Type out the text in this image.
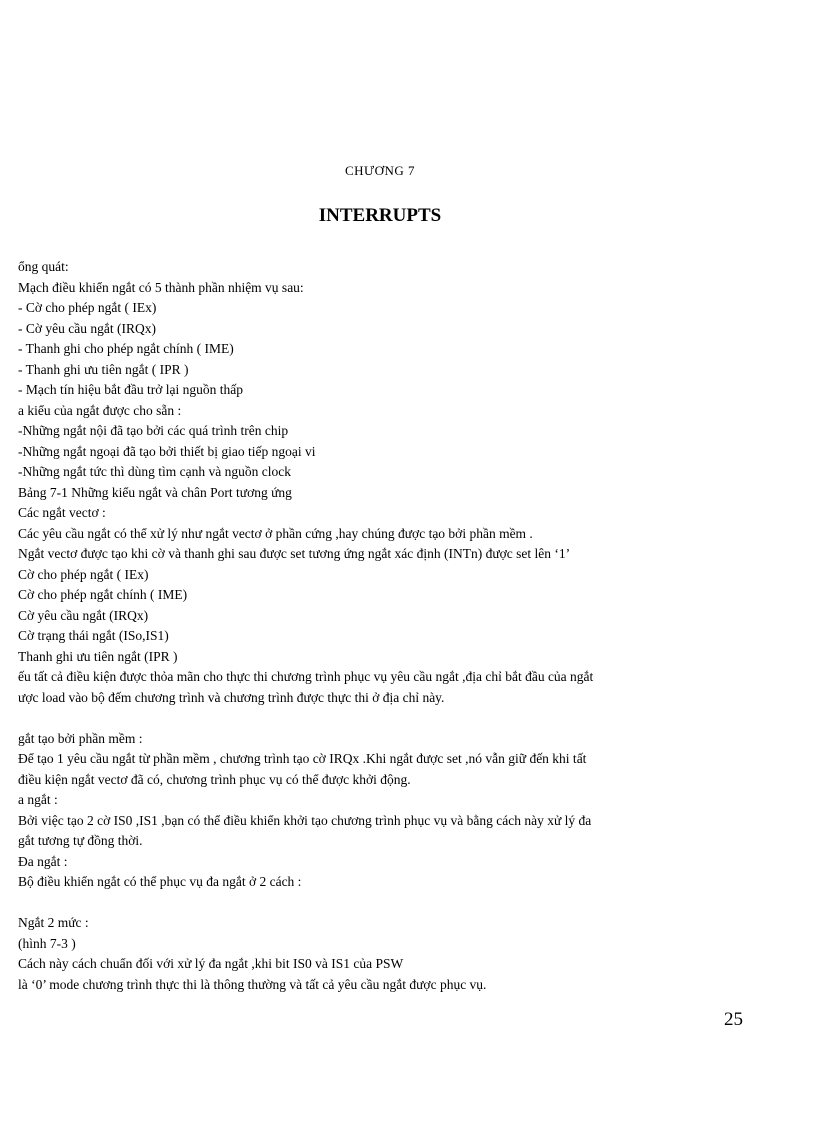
CHƯƠNG 7
INTERRUPTS
ổng quát:
Mạch điều khiển ngắt có 5 thành phần nhiệm vụ sau:
- Cờ cho phép ngắt ( IEx)
- Cờ yêu cầu ngắt (IRQx)
- Thanh ghi cho phép ngắt chính ( IME)
- Thanh ghi ưu tiên ngắt ( IPR )
- Mạch tín hiệu bắt đầu trở lại nguồn thấp
a kiểu của ngắt được cho sẵn :
-Những ngắt nội đã tạo bởi các quá trình trên chip
-Những ngắt ngoại đã tạo bởi thiết bị giao tiếp ngoại vi
-Những ngắt tức thì dùng tìm cạnh và nguồn clock
Bảng 7-1 Những kiểu ngắt và chân Port tương ứng
Các ngắt vectơ :
Các yêu cầu ngắt có thể xử lý như ngắt vectơ ở phần cứng ,hay chúng được tạo bởi phần mềm .
Ngắt vectơ được tạo khi cờ và thanh ghi sau được set tương ứng ngắt xác định (INTn) được set lên ‘1’
Cờ cho phép ngắt ( IEx)
Cờ cho phép ngắt chính ( IME)
Cờ yêu cầu ngắt (IRQx)
Cờ trạng thái ngắt (ISo,IS1)
Thanh ghi ưu tiên ngắt (IPR )
ếu tất cả điều kiện được thỏa mãn cho thực thi chương trình phục vụ yêu cầu ngắt ,địa chỉ bắt đầu của ngắt
ược load vào bộ đếm chương trình và chương trình được thực thi ở địa chỉ này.
gắt tạo bởi phần mềm :
Để tạo 1 yêu cầu ngắt từ phần mềm , chương trình tạo cờ IRQx .Khi ngắt được set ,nó vẫn giữ đến khi tất
điều kiện ngắt vectơ đã có, chương trình phục vụ có thể được khởi động.
a ngắt :
Bởi việc tạo 2 cờ IS0 ,IS1 ,bạn có thể điều khiển khởi tạo chương trình phục vụ và bằng cách này xử lý đa
gắt tương tự đồng thời.
Đa ngắt :
Bộ điều khiển ngắt có thể phục vụ đa ngắt ở 2 cách :
Ngắt 2 mức :
(hình 7-3 )
Cách này cách chuẩn đối với xử lý đa ngắt ,khi bit IS0 và IS1 của PSW
là ‘0’ mode chương trình thực thi là thông thường và tất cả yêu cầu ngắt được phục vụ.
25
